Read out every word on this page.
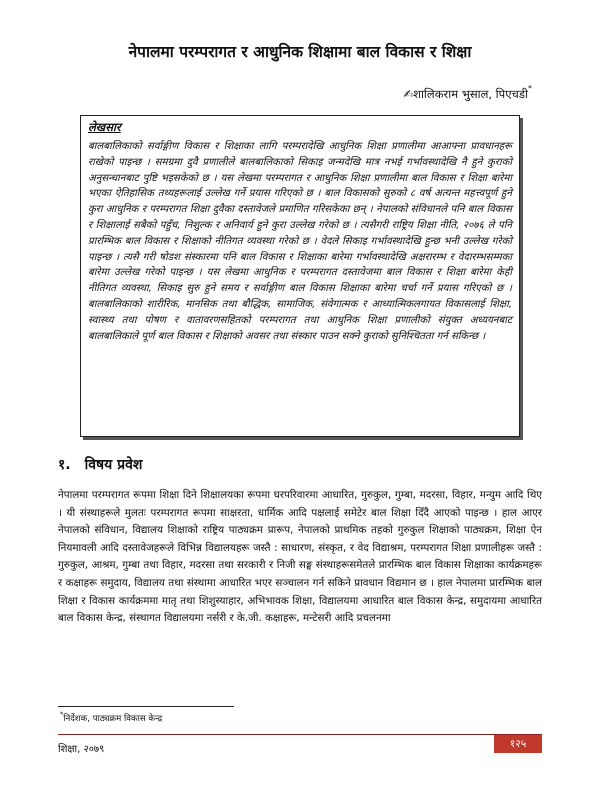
नेपालमा परम्परागत र आधुनिक शिक्षामा बाल विकास र शिक्षा
✍शालिकराम भुसाल, पिएचडी*
लेखसार

बालबालिकाको सर्वाङ्गीण विकास र शिक्षाका लागि परम्परादेखि आधुनिक शिक्षा प्रणालीमा आआफ्ना प्रावधानहरू राखेको पाइन्छ । समग्रमा दुवै प्रणालीले बालबालिकाको सिकाइ जन्मदेखि मात्र नभई गर्भावस्थादेखि नै हुने कुराको अनुसन्धानबाट पुष्टि भइसकेको छ । यस लेखमा परम्परागत र आधुनिक शिक्षा प्रणालीमा बाल विकास र शिक्षा बारेमा भएका ऐतिहासिक तथ्यहरूलाई उल्लेख गर्ने प्रयास गरिएको छ । बाल विकासको सुरुको ८ वर्ष अत्यन्त महत्त्वपूर्ण हुने कुरा आधुनिक र परम्परागत शिक्षा दुवैका दस्तावेजले प्रमाणित गरिसकेका छन् । नेपालको संविधानले पनि बाल विकास र शिक्षालाई सबैको पहुँच, निशुल्क र अनिवार्य हुने कुरा उल्लेख गरेको छ । त्यसैगरी राष्ट्रिय शिक्षा नीति, २०७६ ले पनि प्रारम्भिक बाल विकास र शिक्षाको नीतिगत व्यवस्था गरेको छ । वेदले सिकाइ गर्भावस्थादेखि हुन्छ भनी उल्लेख गरेको पाइन्छ । त्यसै गरी षोडश संस्कारमा पनि बाल विकास र शिक्षाका बारेमा गर्भावस्थादेखि अक्षरारम्भ र वेदारम्भसम्मका बारेमा उल्लेख गरेको पाइन्छ । यस लेखमा आधुनिक र परम्परागत दस्तावेजमा बाल विकास र शिक्षा बारेमा केही नीतिगत व्यवस्था, सिकाइ सुरु हुने समय र सर्वाङ्गीण बाल विकास शिक्षाका बारेमा चर्चा गर्ने प्रयास गरिएको छ । बालबालिकाको शारीरिक, मानसिक तथा बौद्धिक, सामाजिक, संवेगात्मक र आध्यात्मिकलगायत विकासलाई शिक्षा, स्वास्थ्य तथा पोषण र वातावरणसहितको परम्परागत तथा आधुनिक शिक्षा प्रणालीको संयुक्त अध्ययनबाट बालबालिकाले पूर्ण बाल विकास र शिक्षाको अवसर तथा संस्कार पाउन सक्ने कुराको सुनिश्चितता गर्न सकिन्छ ।

१. विषय प्रवेश

नेपालमा परम्परागत रूपमा शिक्षा दिने शिक्षालयका रूपमा घरपरिवारमा आधारित, गुरुकुल, गुम्बा, मदरसा, विहार, मन्युम आदि थिए । यी संस्थाहरूले मुलतः परम्परागत रूपमा साक्षरता, धार्मिक आदि पक्षलाई समेटेर बाल शिक्षा दिँदै आएको पाइन्छ । हाल आएर नेपालको संविधान, विद्यालय शिक्षाको राष्ट्रिय पाठ्यक्रम प्रारूप, नेपालको प्राथमिक तहको गुरुकुल शिक्षाको पाठ्यक्रम, शिक्षा ऐन नियमावली आदि दस्तावेजहरूले विभिन्न विद्यालयहरू जस्तै : साधारण, संस्कृत, र वेद विद्याश्रम, परम्परागत शिक्षा प्रणालीहरू जस्तै : गुरुकुल, आश्रम, गुम्बा तथा विहार, मदरसा तथा सरकारी र निजी सङ्घ संस्थाहरूसमेतले प्रारम्भिक बाल विकास शिक्षाका कार्यक्रमहरू र कक्षाहरू समुदाय, विद्यालय तथा संस्थामा आधारित भएर सञ्चालन गर्न सकिने प्रावधान विद्यमान छ । हाल नेपालमा प्रारम्भिक बाल शिक्षा र विकास कार्यक्रममा मातृ तथा शिशुस्याहार, अभिभावक शिक्षा, विद्यालयमा आधारित बाल विकास केन्द्र, समुदायमा आधारित बाल विकास केन्द्र, संस्थागत विद्यालयमा नर्सरी र के.जी. कक्षाहरू, मन्टेसरी आदि प्रचलनमा

*निर्देशक, पाठ्यक्रम विकास केन्द्र
शिक्षा, २०७९	१२५
